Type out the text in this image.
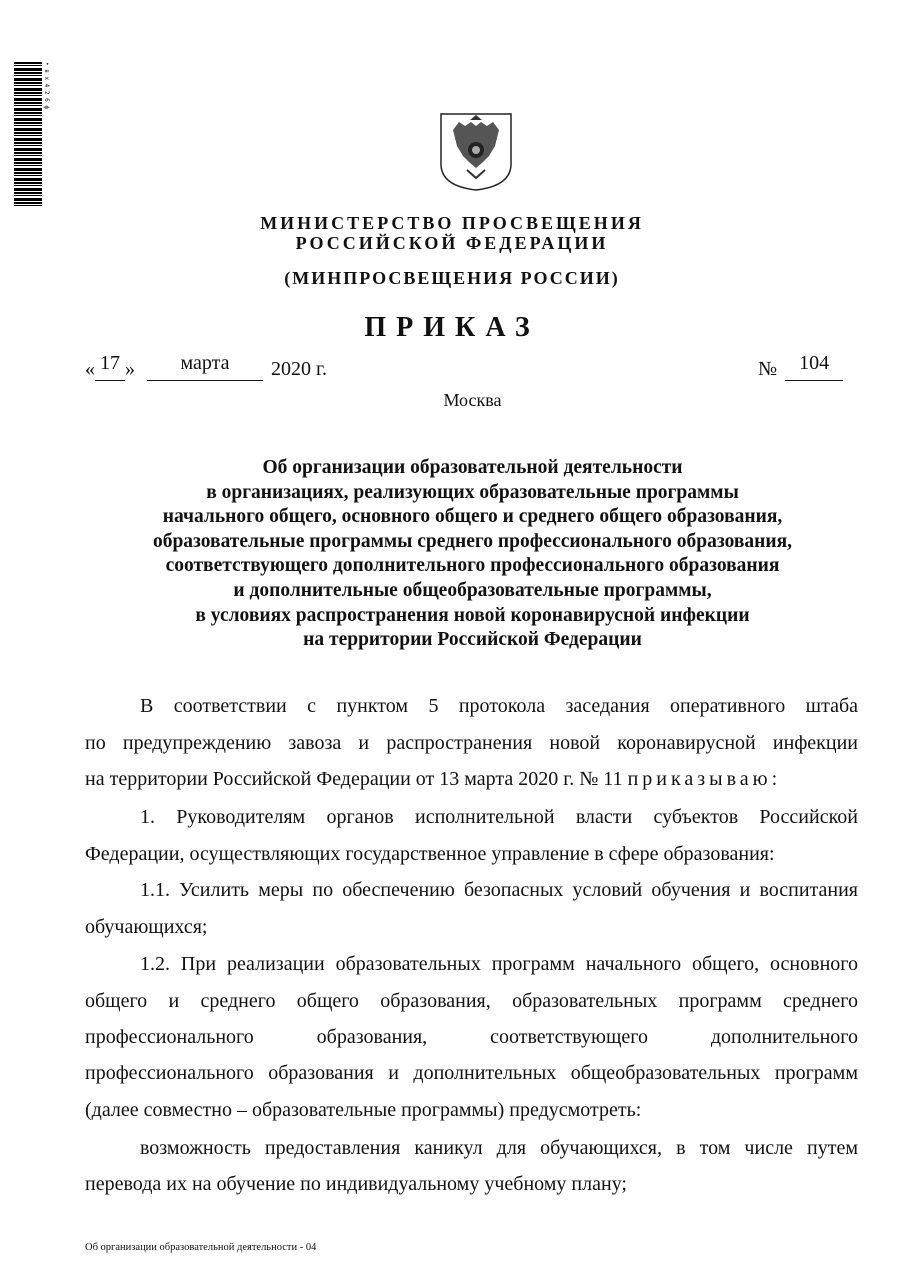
• в х 4 2 6 ф
МИНИСТЕРСТВО ПРОСВЕЩЕНИЯ
РОССИЙСКОЙ ФЕДЕРАЦИИ
(МИНПРОСВЕЩЕНИЯ РОССИИ)
ПРИКАЗ
« 17 »	марта	2020 г.	№	104
Москва
Об организации образовательной деятельности
в организациях, реализующих образовательные программы
начального общего, основного общего и среднего общего образования,
образовательные программы среднего профессионального образования,
соответствующего дополнительного профессионального образования
и дополнительные общеобразовательные программы,
в условиях распространения новой коронавирусной инфекции
на территории Российской Федерации
В соответствии с пунктом 5 протокола заседания оперативного штаба
по предупреждению завоза и распространения новой коронавирусной инфекции
на территории Российской Федерации от 13 марта 2020 г. № 11 приказываю:
1. Руководителям органов исполнительной власти субъектов Российской
Федерации, осуществляющих государственное управление в сфере образования:
1.1. Усилить меры по обеспечению безопасных условий обучения и воспитания
обучающихся;
1.2. При реализации образовательных программ начального общего, основного
общего и среднего общего образования, образовательных программ среднего
профессионального образования, соответствующего дополнительного
профессионального образования и дополнительных общеобразовательных программ
(далее совместно – образовательные программы) предусмотреть:
возможность предоставления каникул для обучающихся, в том числе путем
перевода их на обучение по индивидуальному учебному плану;
Об организации образовательной деятельности - 04
